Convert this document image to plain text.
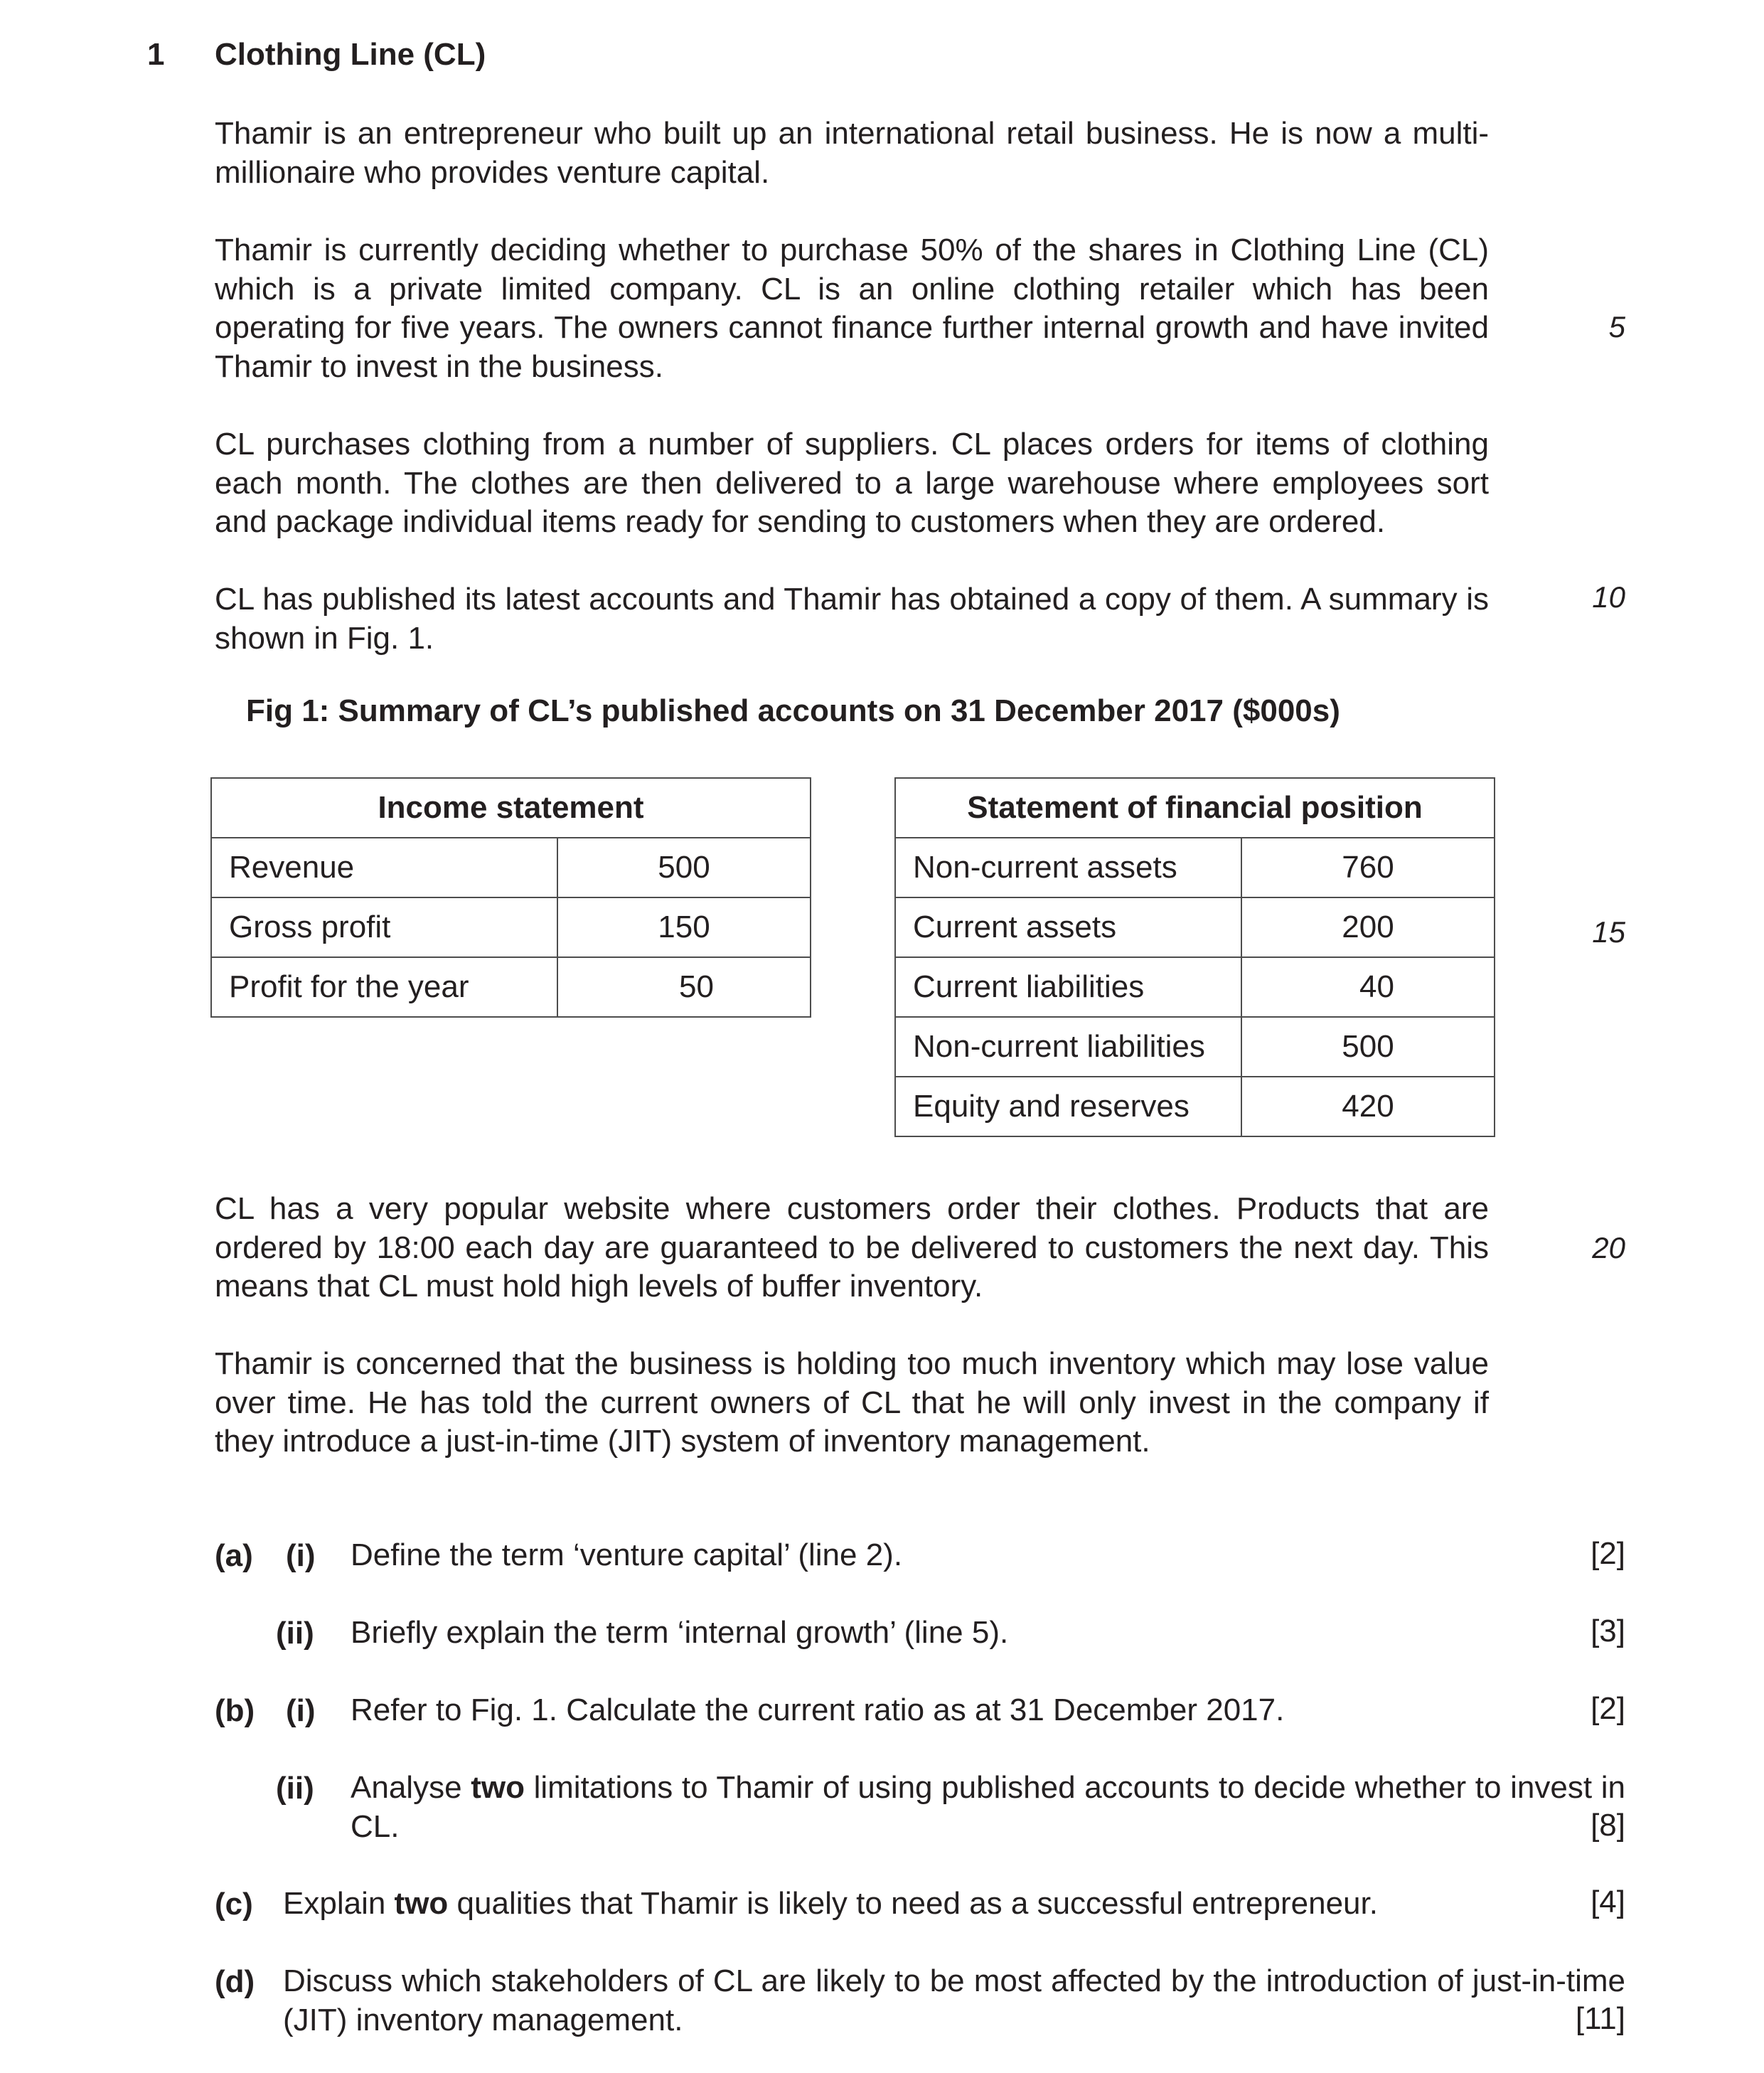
1 Clothing Line (CL)
Thamir is an entrepreneur who built up an international retail business. He is now a multi-millionaire who provides venture capital.
Thamir is currently deciding whether to purchase 50% of the shares in Clothing Line (CL) which is a private limited company. CL is an online clothing retailer which has been operating for five years. The owners cannot finance further internal growth and have invited Thamir to invest in the business.
CL purchases clothing from a number of suppliers. CL places orders for items of clothing each month. The clothes are then delivered to a large warehouse where employees sort and package individual items ready for sending to customers when they are ordered.
CL has published its latest accounts and Thamir has obtained a copy of them. A summary is shown in Fig. 1.
5
10
15
20
Fig 1: Summary of CL’s published accounts on 31 December 2017 ($000s)
Income statement	
Revenue	500
Gross profit	150
Profit for the year	50
Statement of financial position	
Non-current assets	760
Current assets	200
Current liabilities	40
Non-current liabilities	500
Equity and reserves	420
CL has a very popular website where customers order their clothes. Products that are ordered by 18:00 each day are guaranteed to be delivered to customers the next day. This means that CL must hold high levels of buffer inventory.
Thamir is concerned that the business is holding too much inventory which may lose value over time. He has told the current owners of CL that he will only invest in the company if they introduce a just-in-time (JIT) system of inventory management.
(a) (i) Define the term ‘venture capital’ (line 2).	[2]
(ii) Briefly explain the term ‘internal growth’ (line 5).	[3]
(b) (i) Refer to Fig. 1. Calculate the current ratio as at 31 December 2017.	[2]
(ii) Analyse two limitations to Thamir of using published accounts to decide whether to invest in CL.	[8]
(c) Explain two qualities that Thamir is likely to need as a successful entrepreneur.	[4]
(d) Discuss which stakeholders of CL are likely to be most affected by the introduction of just-in-time (JIT) inventory management.	[11]
